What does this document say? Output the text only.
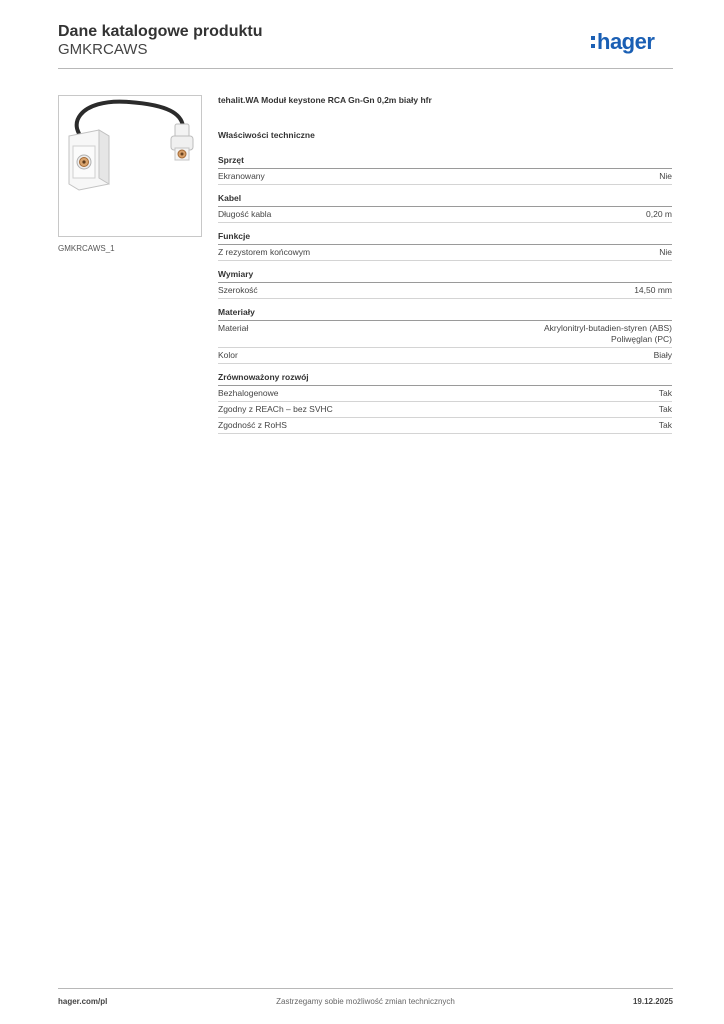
Dane katalogowe produktu
GMKRCAWS	hager
GMKRCAWS_1

tehalit.WA Moduł keystone RCA Gn-Gn 0,2m biały hfr

Właściwości techniczne

Sprzęt
Ekranowany	Nie
Kabel
Długość kabla	0,20 m
Funkcje
Z rezystorem końcowym	Nie
Wymiary
Szerokość	14,50 mm
Materiały
Materiał	Akrylonitryl-butadien-styren (ABS)
Poliwęglan (PC)
Kolor	Biały
Zrównoważony rozwój
Bezhalogenowe	Tak
Zgodny z REACh – bez SVHC	Tak
Zgodność z RoHS	Tak
hager.com/pl	Zastrzegamy sobie możliwość zmian technicznych	19.12.2025
